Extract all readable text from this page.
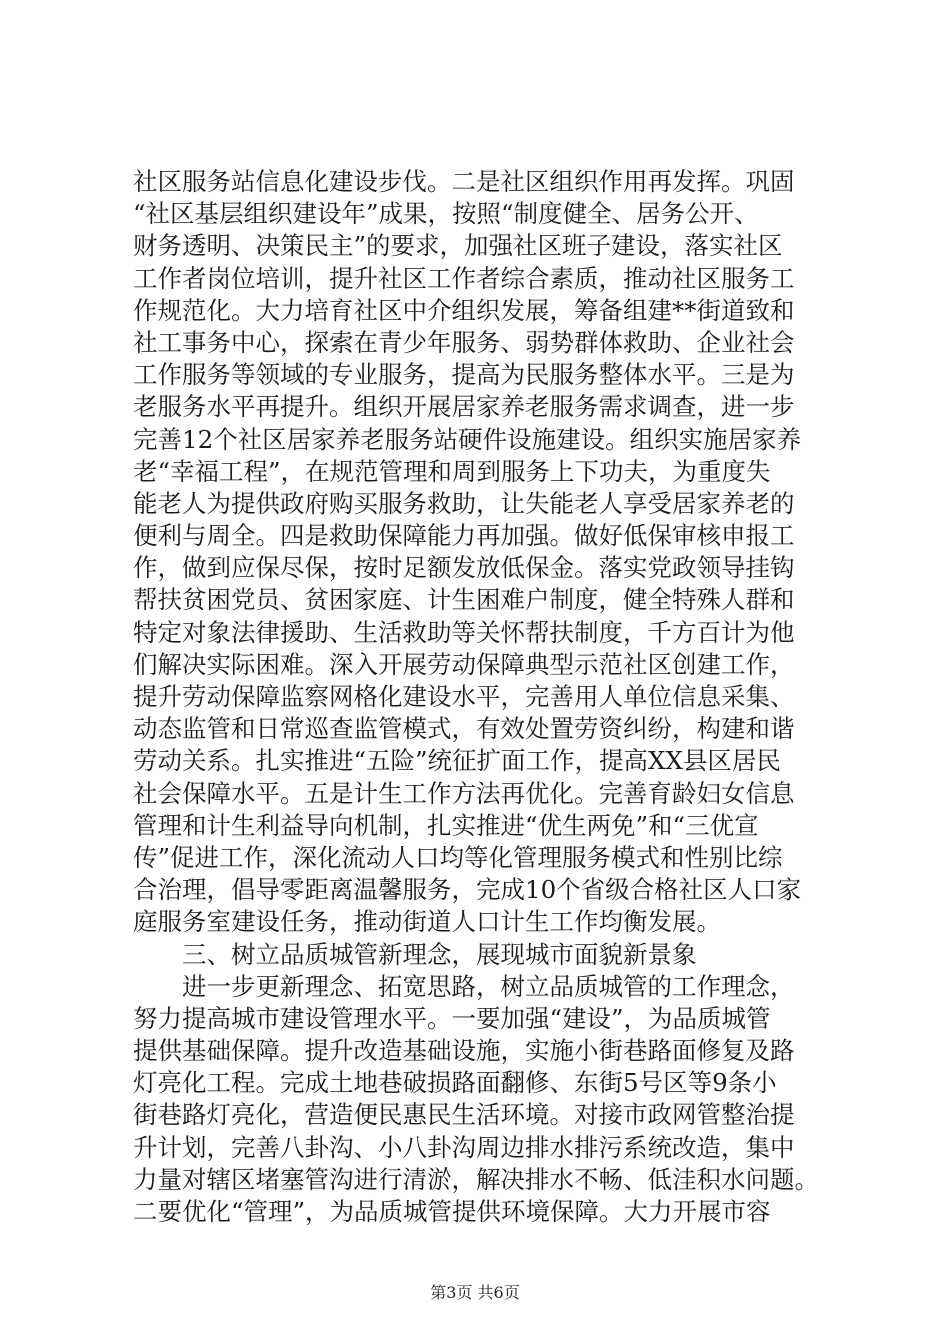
社区服务站信息化建设步伐。二是社区组织作用再发挥。巩固
“社区基层组织建设年”成果，按照“制度健全、居务公开、
财务透明、决策民主”的要求，加强社区班子建设，落实社区
工作者岗位培训，提升社区工作者综合素质，推动社区服务工
作规范化。大力培育社区中介组织发展，筹备组建**街道致和
社工事务中心，探索在青少年服务、弱势群体救助、企业社会
工作服务等领域的专业服务，提高为民服务整体水平。三是为
老服务水平再提升。组织开展居家养老服务需求调查，进一步
完善12个社区居家养老服务站硬件设施建设。组织实施居家养
老“幸福工程”，在规范管理和周到服务上下功夫，为重度失
能老人为提供政府购买服务救助，让失能老人享受居家养老的
便利与周全。四是救助保障能力再加强。做好低保审核申报工
作，做到应保尽保，按时足额发放低保金。落实党政领导挂钩
帮扶贫困党员、贫困家庭、计生困难户制度，健全特殊人群和
特定对象法律援助、生活救助等关怀帮扶制度，千方百计为他
们解决实际困难。深入开展劳动保障典型示范社区创建工作，
提升劳动保障监察网格化建设水平，完善用人单位信息采集、
动态监管和日常巡查监管模式，有效处置劳资纠纷，构建和谐
劳动关系。扎实推进“五险”统征扩面工作，提高XX县区居民
社会保障水平。五是计生工作方法再优化。完善育龄妇女信息
管理和计生利益导向机制，扎实推进“优生两免”和“三优宣
传”促进工作，深化流动人口均等化管理服务模式和性别比综
合治理，倡导零距离温馨服务，完成10个省级合格社区人口家
庭服务室建设任务，推动街道人口计生工作均衡发展。
　　三、树立品质城管新理念，展现城市面貌新景象
　　进一步更新理念、拓宽思路，树立品质城管的工作理念，
努力提高城市建设管理水平。一要加强“建设”，为品质城管
提供基础保障。提升改造基础设施，实施小街巷路面修复及路
灯亮化工程。完成土地巷破损路面翻修、东街5号区等9条小
街巷路灯亮化，营造便民惠民生活环境。对接市政网管整治提
升计划，完善八卦沟、小八卦沟周边排水排污系统改造，集中
力量对辖区堵塞管沟进行清淤，解决排水不畅、低洼积水问题。
二要优化“管理”，为品质城管提供环境保障。大力开展市容
第3页 共6页
